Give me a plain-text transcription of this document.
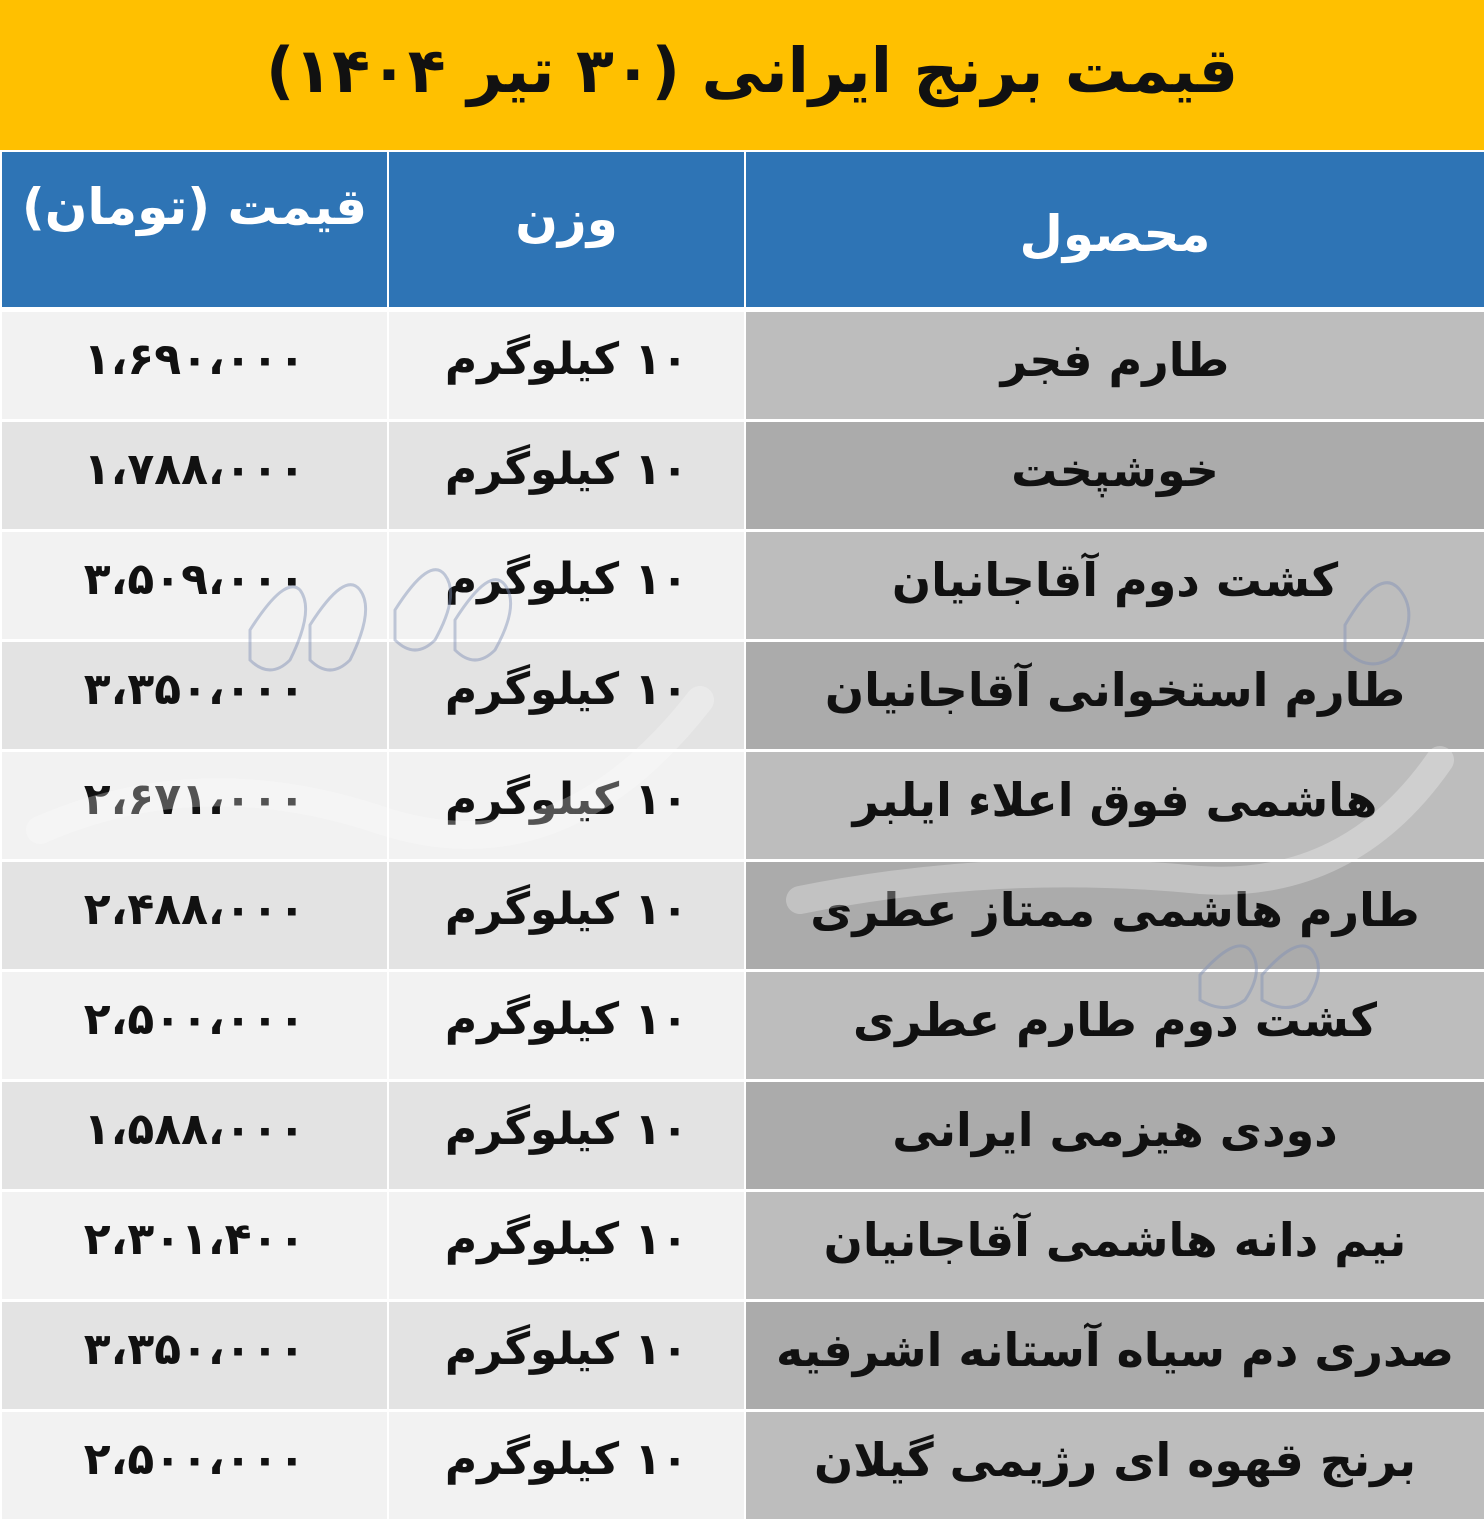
قیمت برنج ایرانی (۳۰ تیر ۱۴۰۴)
محصول
وزن
قیمت (تومان)
طارم فجر
۱۰ کیلوگرم
۱،۶۹۰،۰۰۰
خوشپخت
۱۰ کیلوگرم
۱،۷۸۸،۰۰۰
کشت دوم آقاجانیان
۱۰ کیلوگرم
۳،۵۰۹،۰۰۰
طارم استخوانی آقاجانیان
۱۰ کیلوگرم
۳،۳۵۰،۰۰۰
هاشمی فوق اعلاء ایلبر
۱۰ کیلوگرم
۲،۶۷۱،۰۰۰
طارم هاشمی ممتاز عطری
۱۰ کیلوگرم
۲،۴۸۸،۰۰۰
کشت دوم طارم عطری
۱۰ کیلوگرم
۲،۵۰۰،۰۰۰
دودی هیزمی ایرانی
۱۰ کیلوگرم
۱،۵۸۸،۰۰۰
نیم دانه هاشمی آقاجانیان
۱۰ کیلوگرم
۲،۳۰۱،۴۰۰
صدری دم سیاه آستانه اشرفیه
۱۰ کیلوگرم
۳،۳۵۰،۰۰۰
برنج قهوه ای رژیمی گیلان
۱۰ کیلوگرم
۲،۵۰۰،۰۰۰
